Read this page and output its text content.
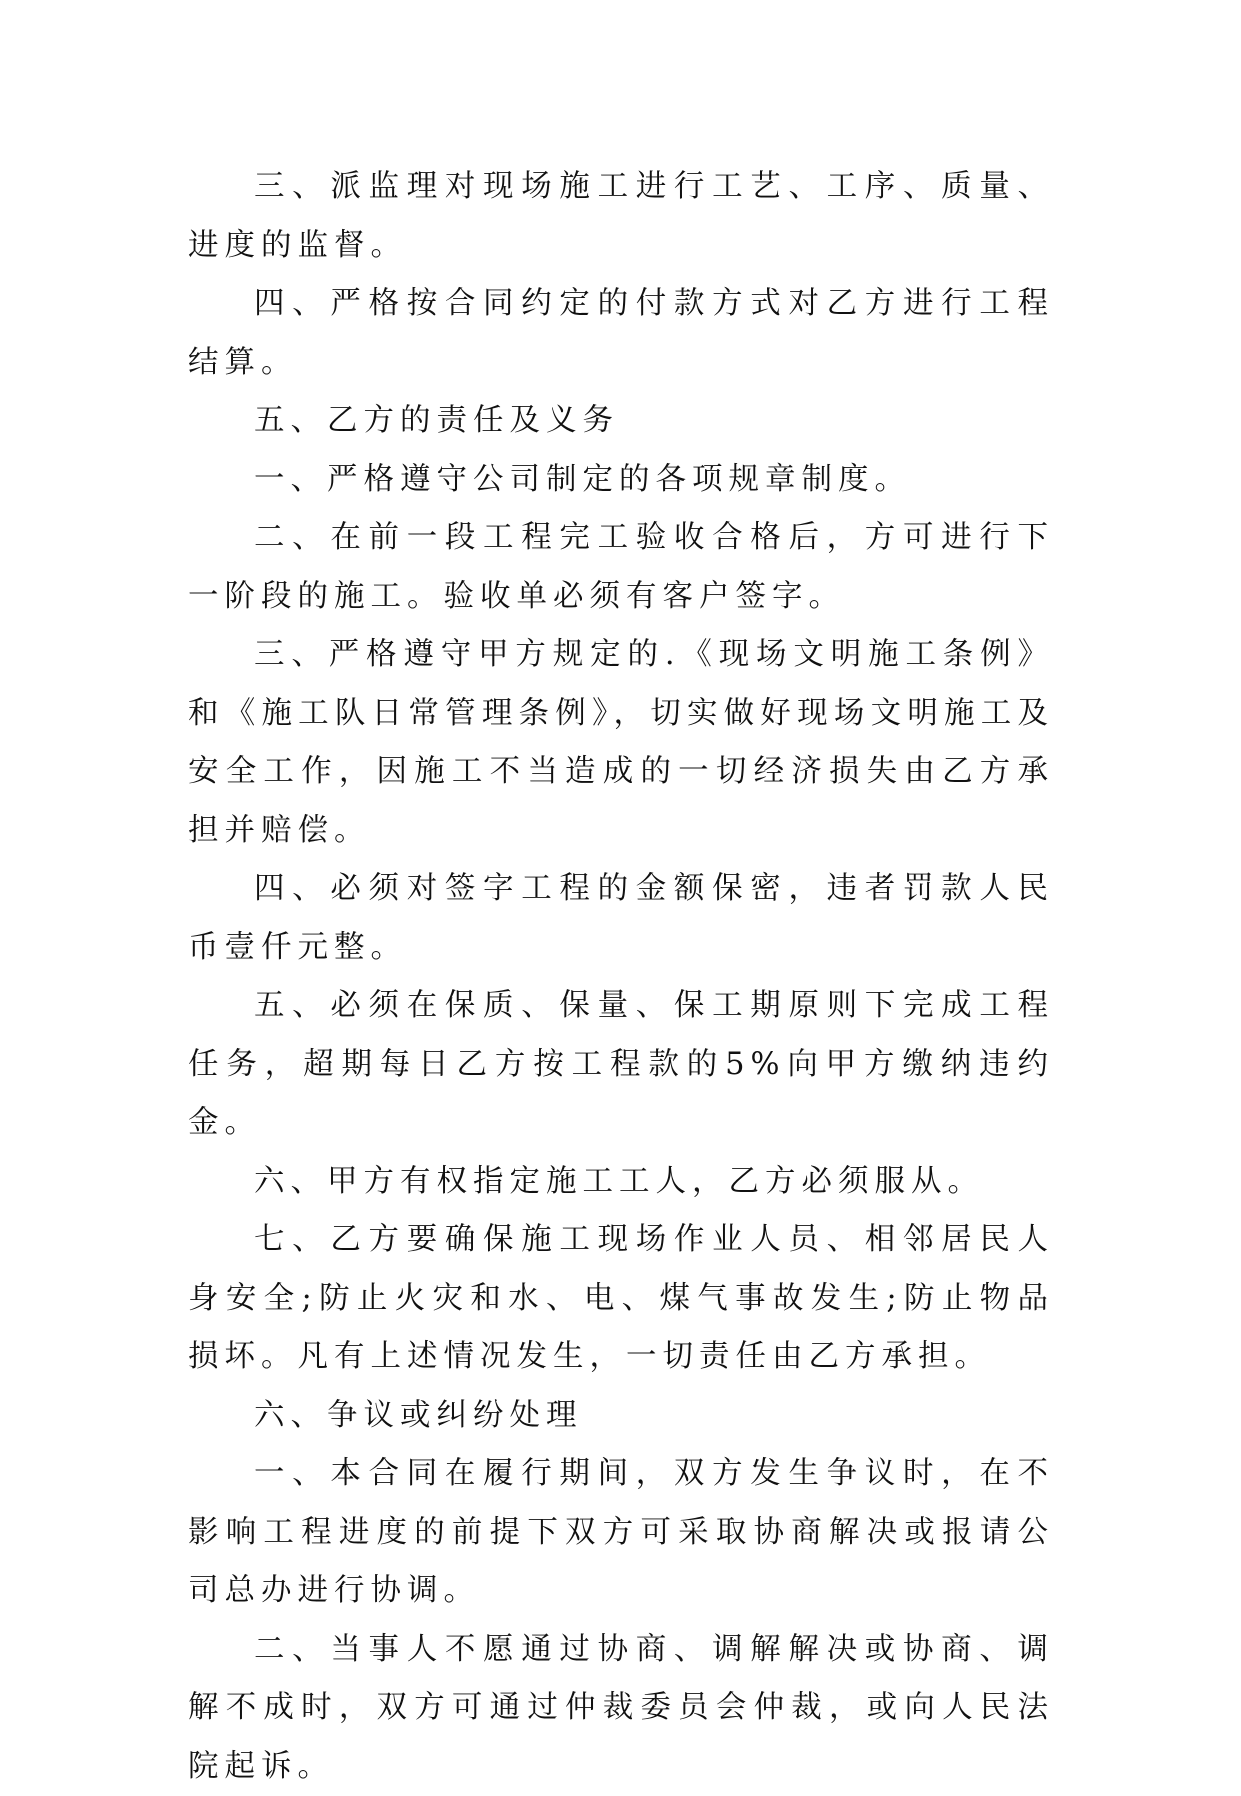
三、派监理对现场施工进行工艺、工序、质量、进度的监督。

四、严格按合同约定的付款方式对乙方进行工程结算。

五、乙方的责任及义务

一、严格遵守公司制定的各项规章制度。

二、在前一段工程完工验收合格后，方可进行下一阶段的施工。验收单必须有客户签字。

三、严格遵守甲方规定的.《现场文明施工条例》和《施工队日常管理条例》，切实做好现场文明施工及安全工作，因施工不当造成的一切经济损失由乙方承担并赔偿。

四、必须对签字工程的金额保密，违者罚款人民币壹仟元整。

五、必须在保质、保量、保工期原则下完成工程任务，超期每日乙方按工程款的5%向甲方缴纳违约金。

六、甲方有权指定施工工人，乙方必须服从。

七、乙方要确保施工现场作业人员、相邻居民人身安全;防止火灾和水、电、煤气事故发生;防止物品损坏。凡有上述情况发生，一切责任由乙方承担。

六、争议或纠纷处理

一、本合同在履行期间，双方发生争议时，在不影响工程进度的前提下双方可采取协商解决或报请公司总办进行协调。

二、当事人不愿通过协商、调解解决或协商、调解不成时，双方可通过仲裁委员会仲裁，或向人民法院起诉。
